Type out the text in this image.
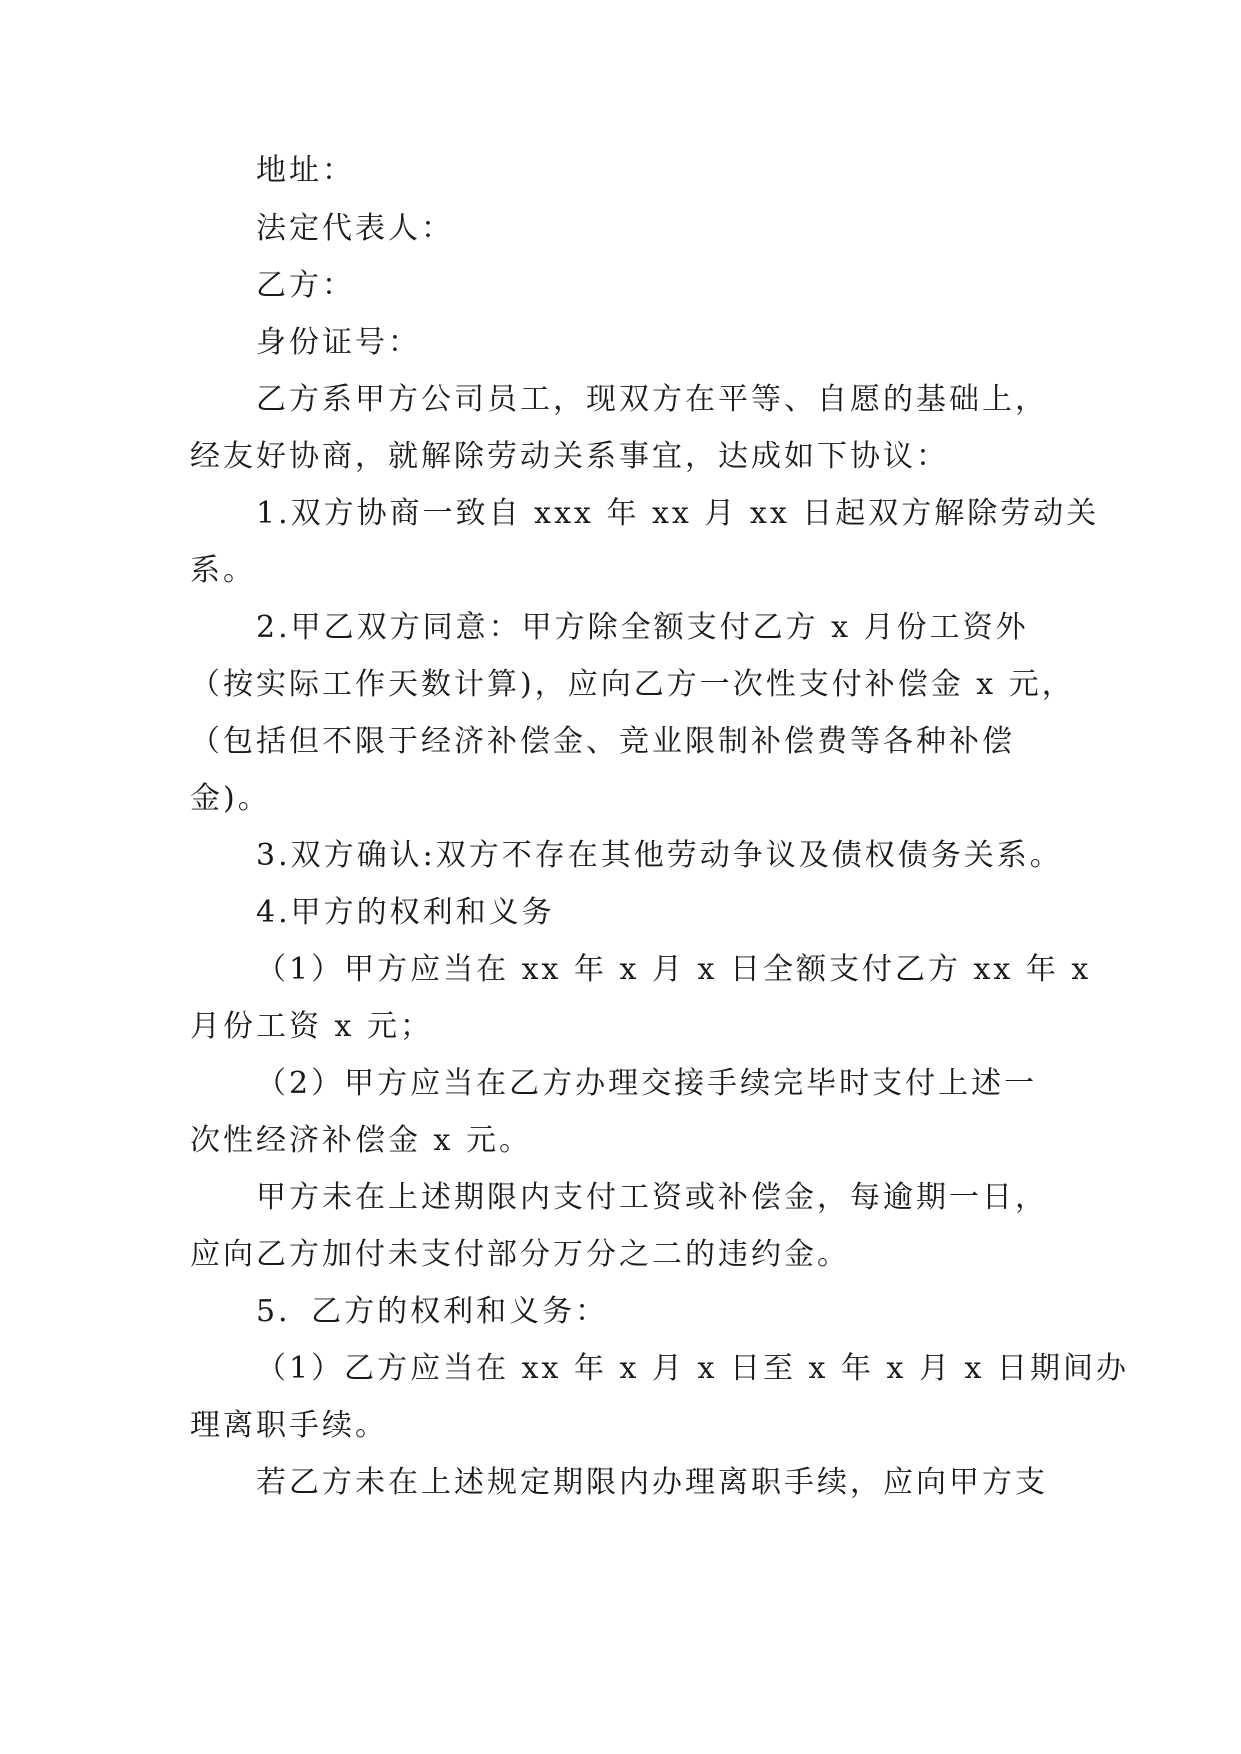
地址：
法定代表人：
乙方：
身份证号：
乙方系甲方公司员工，现双方在平等、自愿的基础上，
经友好协商，就解除劳动关系事宜，达成如下协议：
1.双方协商一致自 xxx 年 xx 月 xx 日起双方解除劳动关
系。
2.甲乙双方同意：甲方除全额支付乙方 x 月份工资外
（按实际工作天数计算)，应向乙方一次性支付补偿金 x 元，
（包括但不限于经济补偿金、竞业限制补偿费等各种补偿
金)。
3.双方确认:双方不存在其他劳动争议及债权债务关系。
4.甲方的权利和义务
（1）甲方应当在 xx 年 x 月 x 日全额支付乙方 xx 年 x
月份工资 x 元；
（2）甲方应当在乙方办理交接手续完毕时支付上述一
次性经济补偿金 x 元。
甲方未在上述期限内支付工资或补偿金，每逾期一日，
应向乙方加付未支付部分万分之二的违约金。
5．乙方的权利和义务：
（1）乙方应当在 xx 年 x 月 x 日至 x 年 x 月 x 日期间办
理离职手续。
若乙方未在上述规定期限内办理离职手续，应向甲方支
